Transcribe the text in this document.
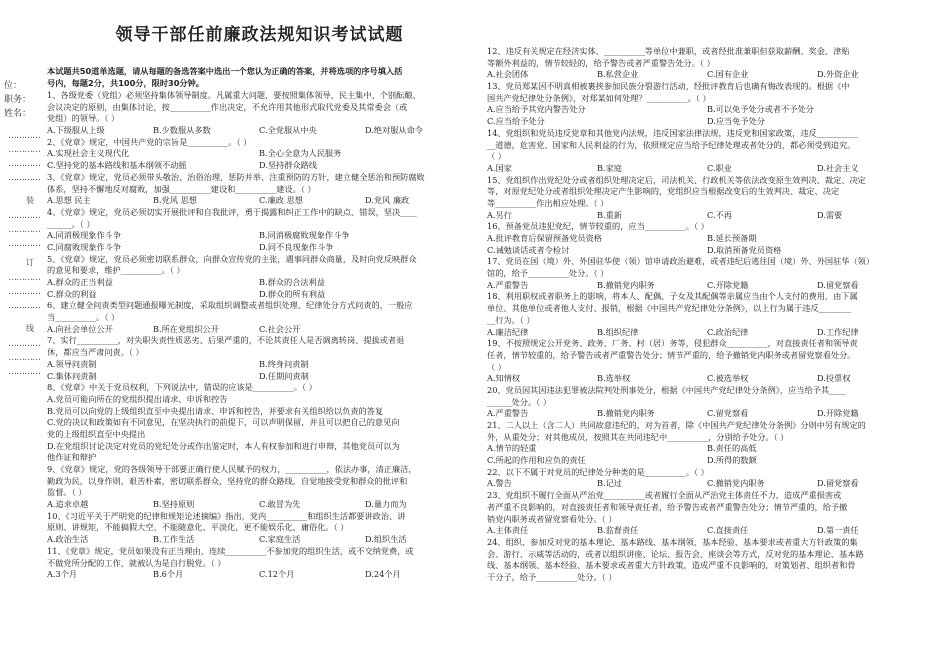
位：
职务：
姓名：
…………
…………
…………
…………
装
…………
…………
…………
订
…………
…………
…………
线
…………
…………
…………
领导干部任前廉政法规知识考试试题
本试题共50道单选题，请从每题的备选答案中选出一个您认为正确的答案，并将选项的序号填入括
号内，每题2分，共100分，限时30分钟。
1、各级党委（党组）必须坚持集体领导制度。凡属重大问题，要按照集体领导、民主集中、个别酝酿、
会议决定的原则，由集体讨论，按__________作出决定，不允许用其他形式取代党委及其常委会（或
党组）的领导。（ ）
A.下级服从上级	B.少数服从多数	C.全党服从中央	D.绝对服从命令
2、《党章》规定，中国共产党的宗旨是__________。（ ）
A.实现社会主义现代化	B.全心全意为人民服务
C.坚持党的基本路线和基本纲领不动摇	D.坚持群众路线
3、《党章》规定，党员必须带头敬治、治俗治理、惩防并举、注重预防的方针，建立健全惩治和预防腐败
体系，坚持不懈地反对腐败，加强__________建设和__________建设。（ ）
A.思想 民主	B.党风 思想	C.廉政 思想	D.党风 廉政
4、《党章》规定，党员必须切实开展批评和自我批评，勇于揭露和纠正工作中的缺点、错误，坚决____
______。（ ）
A.同消极现象作斗争	B.同消极腐败现象作斗争
C.同腐败现象作斗争	D.同不良现象作斗争
5、《党章》规定，党员必须密切联系群众，向群众宣传党的主张，遇事同群众商量，及时向党反映群众
的意见和要求，维护__________。（ ）
A.群众的正当利益	B.群众的合法利益
C.群众的利益	D.群众的所有利益
6、建立健全问责类型问题通报曝光制度，采取组织调整或者组织处理、纪律处分方式问责的，一般应
当__________。（ ）
A.向社会单位公开	B.所在党组织公开	C.社会公开
7、实行__________，对失职失责性质恶劣、后果严重的，不论其责任人是否调离转岗、提拔或者退
休，都应当严肃问责。（ ）
A.领导问责制	B.终身问责制
C.集体问责制	D.任期问责制
8、《党章》中关于党员权利，下列说法中，错误的应该是__________。（ ）
A.党员可能向所在的党组织提出请求、申诉和控告
B.党员可以向党的上级组织直至中央提出请求、申诉和控告，并要求有关组织给以负责的答复
C.党的决议和政策如有不同意见，在坚决执行的前提下，可以声明保留，并且可以把自己的意见向
党的上级组织直至中央提出
D.在党组织讨论决定对党员的党纪处分或作出鉴定时，本人有权参加和进行申辩，其他党员可以为
他作证和辩护
9、《党章》规定，党的各级领导干部要正确行使人民赋予的权力，__________，依法办事，清正廉洁，
勤政为民，以身作则，艰苦朴素，密切联系群众，坚持党的群众路线，自觉地接受党和群众的批评和
监督。（ ）
A.追求卓越	B.坚持原则	C.敢冒为先	D.量力而为
10、《习近平关于严明党的纪律和规矩论述摘编》指出，党内__________和组织生活都要讲政治、讲
原则、讲规矩，不能搞假大空、不能随意化、平淡化，更不能娱乐化、庸俗化。（ ）
A.政治生活	B.工作生活	C.家庭生活	D.组织生活
11、《党章》规定，党员如果没有正当理由，连续__________不参加党的组织生活，或不交纳党费，或
不做党所分配的工作，就被认为是自行脱党。（ ）
A.3个月	B.6个月	C.12个月	D.24个月
12、违反有关规定在经济实体、__________等单位中兼职，或者经批准兼职但获取薪酬、奖金、津贴
等额外利益的，情节较轻的，给予警告或者严重警告处分。（ ）
A.社会团体	B.私营企业	C.国有企业	D.外资企业
13、党员郑某因不明真相被裹挟参加民族分裂游行活动，经批评教育后也确有悔改表现的。根据《中
国共产党纪律处分条例》，对郑某如何处理？__________。（ ）
A.应当给予其党内警告处分	B.可以免予处分或者不予处分
C.应当给予处分	D.应当免予处分
14、党组织和党员违反党章和其他党内法规，违反国家法律法规，违反党和国家政策，违反__________
__道德，危害党、国家和人民利益的行为，依照规定应当给予纪律处理或者处分的，都必须受到追究。
（ ）
A.国家	B.家庭	C.职业	D.社会主义
15、党组织作出党纪处分或者组织处理决定后，司法机关、行政机关等依法改变原生效判决、裁定、决定
等，对原党纪处分或者组织处理决定产生影响的，党组织应当根据改变后的生效判决、裁定、决定
等__________作出相应处理。（ ）
A.另行	B.重新	C.不再	D.需要
16、预备党员违犯党纪，情节较重的，应当__________。（ ）
A.批评教育后保留预备党员资格	B.延长预备期
C.诫勉谈话或者令检讨	D.取消预备党员资格
17、党员在国（境）外、外国驻华使（领）馆申请政治避难，或者违纪后逃往国（境）外、外国驻华（领）
馆的，给予__________处分。（ ）
A.严重警告	B.撤销党内职务	C.开除党籍	D.留党察看
18、利用职权或者职务上的影响，将本人、配偶、子女及其配偶等亲属应当由个人支付的费用，由下属
单位、其他单位或者他人支付、报销，根据《中国共产党纪律处分条例》，以上行为属于违反________
__行为。（ ）
A.廉洁纪律	B.组织纪律	C.政治纪律	D.工作纪律
19、不按照规定公开党务、政务、厂务、村（居）务等，侵犯群众__________，对直接责任者和领导责
任者，情节较重的，给予警告或者严重警告处分；情节严重的，给予撤销党内职务或者留党察看处分。
（ ）
A.知情权	B.选举权	C.被选举权	D.投票权
20、党员因其因违法犯罪被法院判处刑事处分，根据《中国共产党纪律处分条例》，应当给予其____
______处分。（ ）
A.严重警告	B.撤销党内职务	C.留党察看	D.开除党籍
21、二人以上（含二人）共同故意违纪的，对为首者，除《中国共产党纪律处分条例》分则中另有规定的
外，从重处分；对其他成员，按照其在共同违纪中__________，分别给予处分。（ ）
A.情节的轻重	B.责任的高低
C.所起的作用和应负的责任	D.所得的数额
22、以下不属于对党员的纪律处分种类的是__________。（ ）
A.警告	B.记过	C.撤销党内职务	D.留党察看
23、党组织不履行全面从严治党__________或者履行全面从严治党主体责任不力，造成严重损害或
者严重不良影响的，对直接责任者和领导责任者，给予警告或者严重警告处分；情节严重的，给予撤
销党内职务或者留党察看处分。（ ）
A.主体责任	B.监督责任	C.直接责任	D.第一责任
24、组织、参加反对党的基本理论、基本路线、基本纲领、基本经验、基本要求或者重大方针政策的集
会、游行、示威等活动的，或者以组织讲座、论坛、报告会、座谈会等方式，反对党的基本理论、基本路
线、基本纲领、基本经验、基本要求或者重大方针政策，造成严重不良影响的，对策划者、组织者和骨
干分子，给予__________处分。（ ）
